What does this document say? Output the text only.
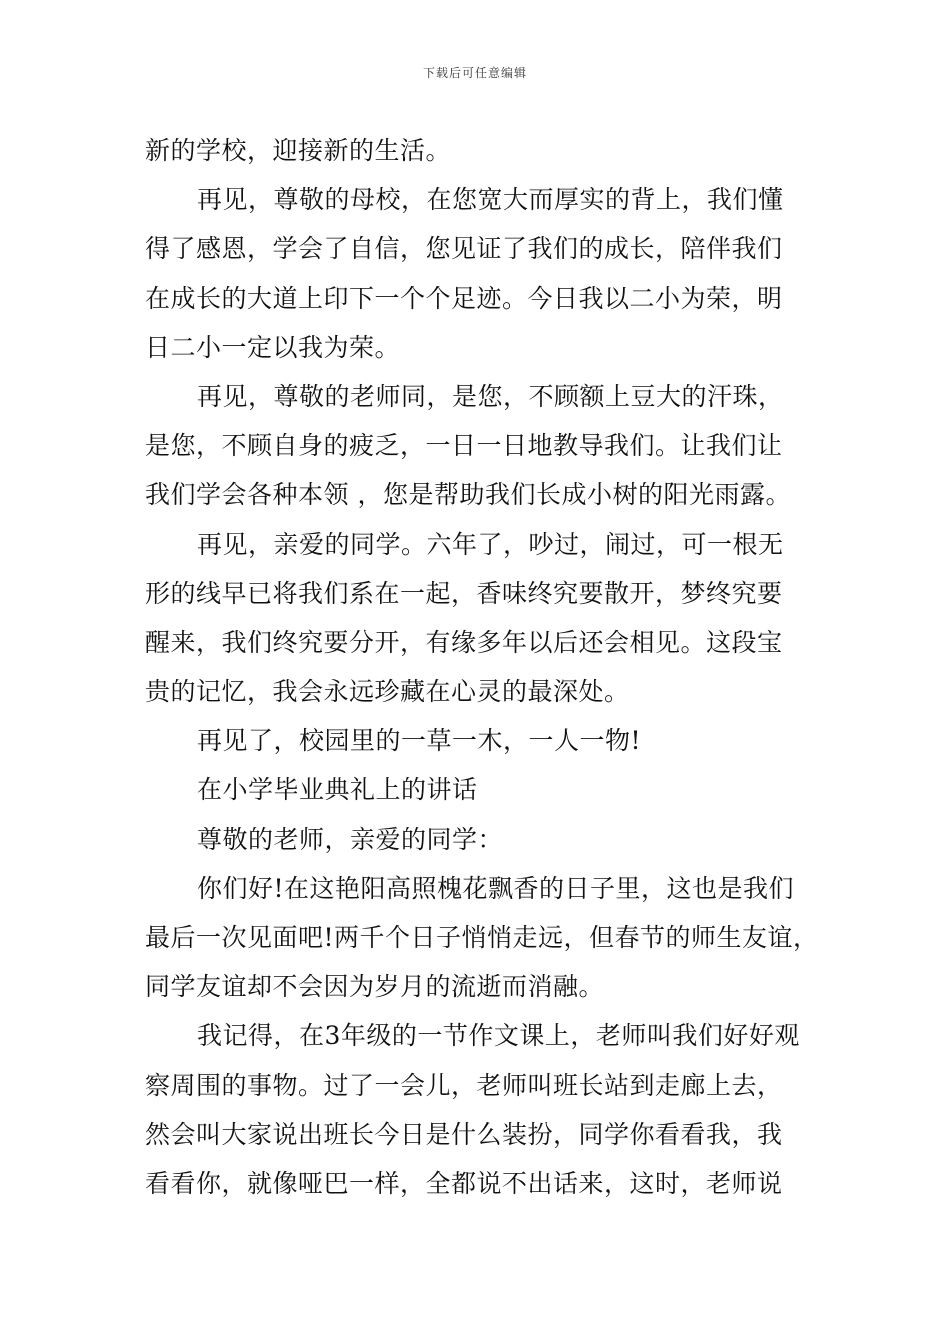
下载后可任意编辑
新的学校，迎接新的生活。
再见，尊敬的母校，在您宽大而厚实的背上，我们懂
得了感恩，学会了自信，您见证了我们的成长，陪伴我们
在成长的大道上印下一个个足迹。今日我以二小为荣，明
日二小一定以我为荣。
再见，尊敬的老师同，是您，不顾额上豆大的汗珠，
是您，不顾自身的疲乏，一日一日地教导我们。让我们让
我们学会各种本领 ，您是帮助我们长成小树的阳光雨露。
再见，亲爱的同学。六年了，吵过，闹过，可一根无
形的线早已将我们系在一起，香味终究要散开，梦终究要
醒来，我们终究要分开，有缘多年以后还会相见。这段宝
贵的记忆，我会永远珍藏在心灵的最深处。
再见了，校园里的一草一木，一人一物!
在小学毕业典礼上的讲话
尊敬的老师，亲爱的同学：
你们好!在这艳阳高照槐花飘香的日子里，这也是我们
最后一次见面吧!两千个日子悄悄走远，但春节的师生友谊，
同学友谊却不会因为岁月的流逝而消融。
我记得，在3年级的一节作文课上，老师叫我们好好观
察周围的事物。过了一会儿，老师叫班长站到走廊上去，
然会叫大家说出班长今日是什么装扮，同学你看看我，我
看看你，就像哑巴一样，全都说不出话来，这时，老师说
